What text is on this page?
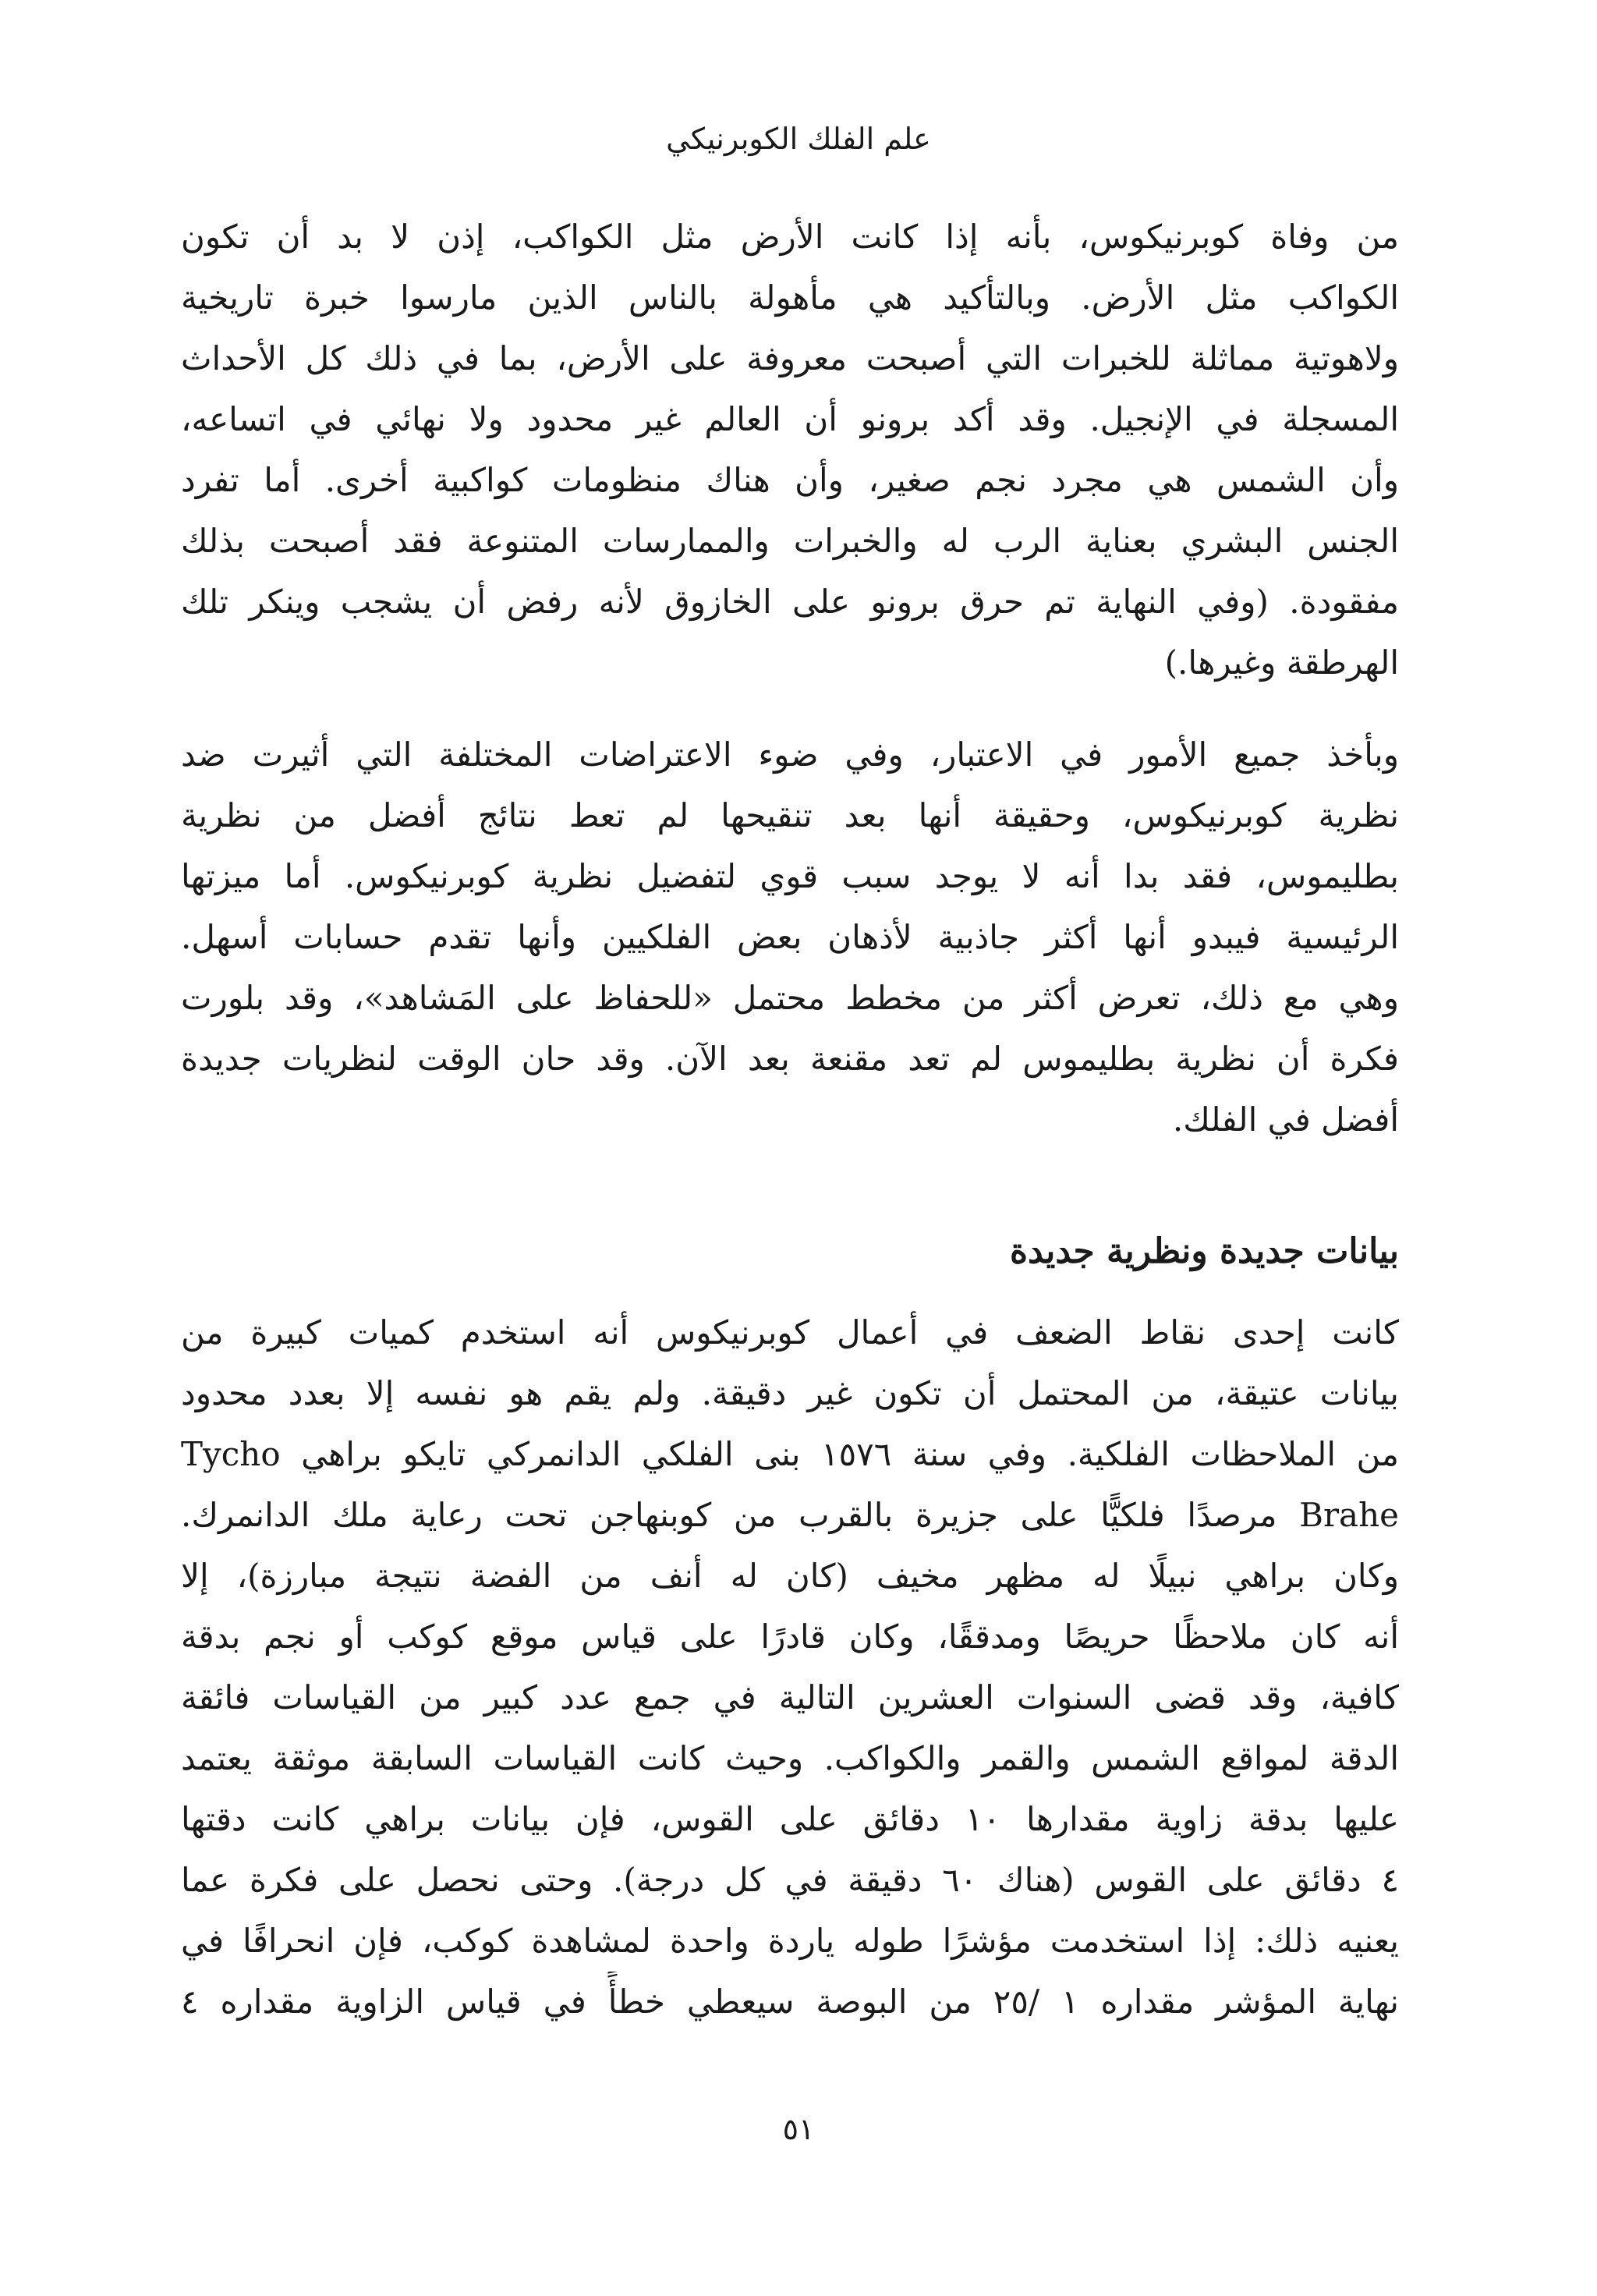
علم الفلك الكوبرنيكي
من وفاة كوبرنيكوس، بأنه إذا كانت الأرض مثل الكواكب، إذن لا بد أن تكون
الكواكب مثل الأرض. وبالتأكيد هي مأهولة بالناس الذين مارسوا خبرة تاريخية
ولاهوتية مماثلة للخبرات التي أصبحت معروفة على الأرض، بما في ذلك كل الأحداث
المسجلة في الإنجيل. وقد أكد برونو أن العالم غير محدود ولا نهائي في اتساعه،
وأن الشمس هي مجرد نجم صغير، وأن هناك منظومات كواكبية أخرى. أما تفرد
الجنس البشري بعناية الرب له والخبرات والممارسات المتنوعة فقد أصبحت بذلك
مفقودة. (وفي النهاية تم حرق برونو على الخازوق لأنه رفض أن يشجب وينكر تلك
الهرطقة وغيرها.)
وبأخذ جميع الأمور في الاعتبار، وفي ضوء الاعتراضات المختلفة التي أثيرت ضد
نظرية كوبرنيكوس، وحقيقة أنها بعد تنقيحها لم تعط نتائج أفضل من نظرية
بطليموس، فقد بدا أنه لا يوجد سبب قوي لتفضيل نظرية كوبرنيكوس. أما ميزتها
الرئيسية فيبدو أنها أكثر جاذبية لأذهان بعض الفلكيين وأنها تقدم حسابات أسهل.
وهي مع ذلك، تعرض أكثر من مخطط محتمل «للحفاظ على المَشاهد»، وقد بلورت
فكرة أن نظرية بطليموس لم تعد مقنعة بعد الآن. وقد حان الوقت لنظريات جديدة
أفضل في الفلك.
بيانات جديدة ونظرية جديدة
كانت إحدى نقاط الضعف في أعمال كوبرنيكوس أنه استخدم كميات كبيرة من
بيانات عتيقة، من المحتمل أن تكون غير دقيقة. ولم يقم هو نفسه إلا بعدد محدود
من الملاحظات الفلكية. وفي سنة ١٥٧٦ بنى الفلكي الدانمركي تايكو براهي Tycho
Brahe مرصدًا فلكيًّا على جزيرة بالقرب من كوبنهاجن تحت رعاية ملك الدانمرك.
وكان براهي نبيلًا له مظهر مخيف (كان له أنف من الفضة نتيجة مبارزة)، إلا
أنه كان ملاحظًا حريصًا ومدققًا، وكان قادرًا على قياس موقع كوكب أو نجم بدقة
كافية، وقد قضى السنوات العشرين التالية في جمع عدد كبير من القياسات فائقة
الدقة لمواقع الشمس والقمر والكواكب. وحيث كانت القياسات السابقة موثقة يعتمد
عليها بدقة زاوية مقدارها ١٠ دقائق على القوس، فإن بيانات براهي كانت دقتها
٤ دقائق على القوس (هناك ٦٠ دقيقة في كل درجة). وحتى نحصل على فكرة عما
يعنيه ذلك: إذا استخدمت مؤشرًا طوله ياردة واحدة لمشاهدة كوكب، فإن انحرافًا في
نهاية المؤشر مقداره ١ /٢٥ من البوصة سيعطي خطأً في قياس الزاوية مقداره ٤
٥١
